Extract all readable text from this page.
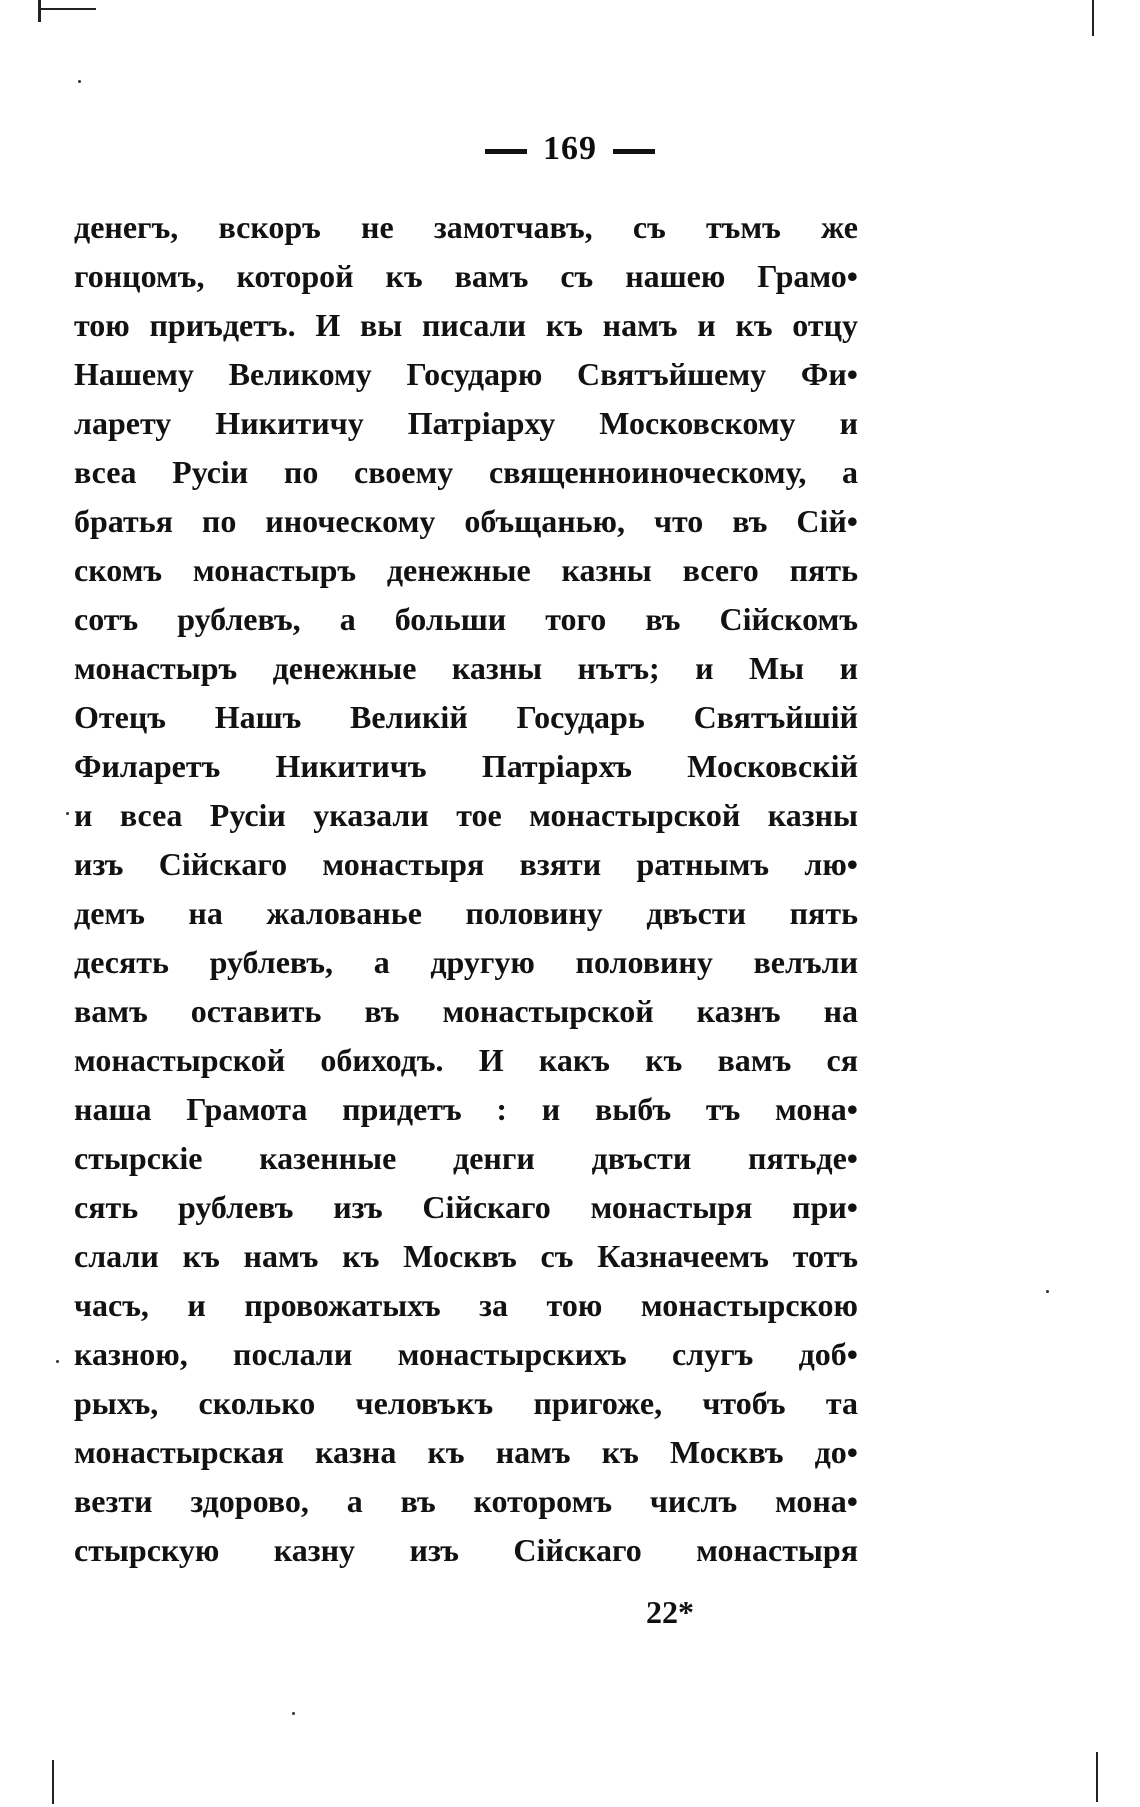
169
денегъ, вскоръ не замотчавъ, съ тъмъ же
гонцомъ, которой къ вамъ съ нашею Грамо•
тою приъдетъ. И вы писали къ намъ и къ отцу
Нашему Великому Государю Святъйшему Фи•
ларету Никитичу Патріарху Московскому и
всеа Русіи по своему священноиноческому, а
братья по иноческому объщанью, что въ Сій•
скомъ монастыръ денежные казны всего пять
сотъ рублевъ, а больши того въ Сійскомъ
монастыръ денежные казны нътъ; и Мы и
Отецъ Нашъ Великій Государь Святъйшій
Филаретъ Никитичъ Патріархъ Московскій
и всеа Русіи указали тое монастырской казны
изъ Сійскаго монастыря взяти ратнымъ лю•
демъ на жалованье половину двъсти пять
десять рублевъ, а другую половину велъли
вамъ оставить въ монастырской казнъ на
монастырской обиходъ. И какъ къ вамъ ся
наша Грамота придетъ : и выбъ тъ мона•
стырскіе казенные денги двъсти пятьде•
сять рублевъ изъ Сійскаго монастыря при•
слали къ намъ къ Москвъ съ Казначеемъ тотъ
часъ, и провожатыхъ за тою монастырскою
казною, послали монастырскихъ слугъ доб•
рыхъ, сколько человъкъ пригоже, чтобъ та
монастырская казна къ намъ къ Москвъ до•
везти здорово, а въ которомъ числъ мона•
стырскую казну изъ Сійскаго монастыря
22*
